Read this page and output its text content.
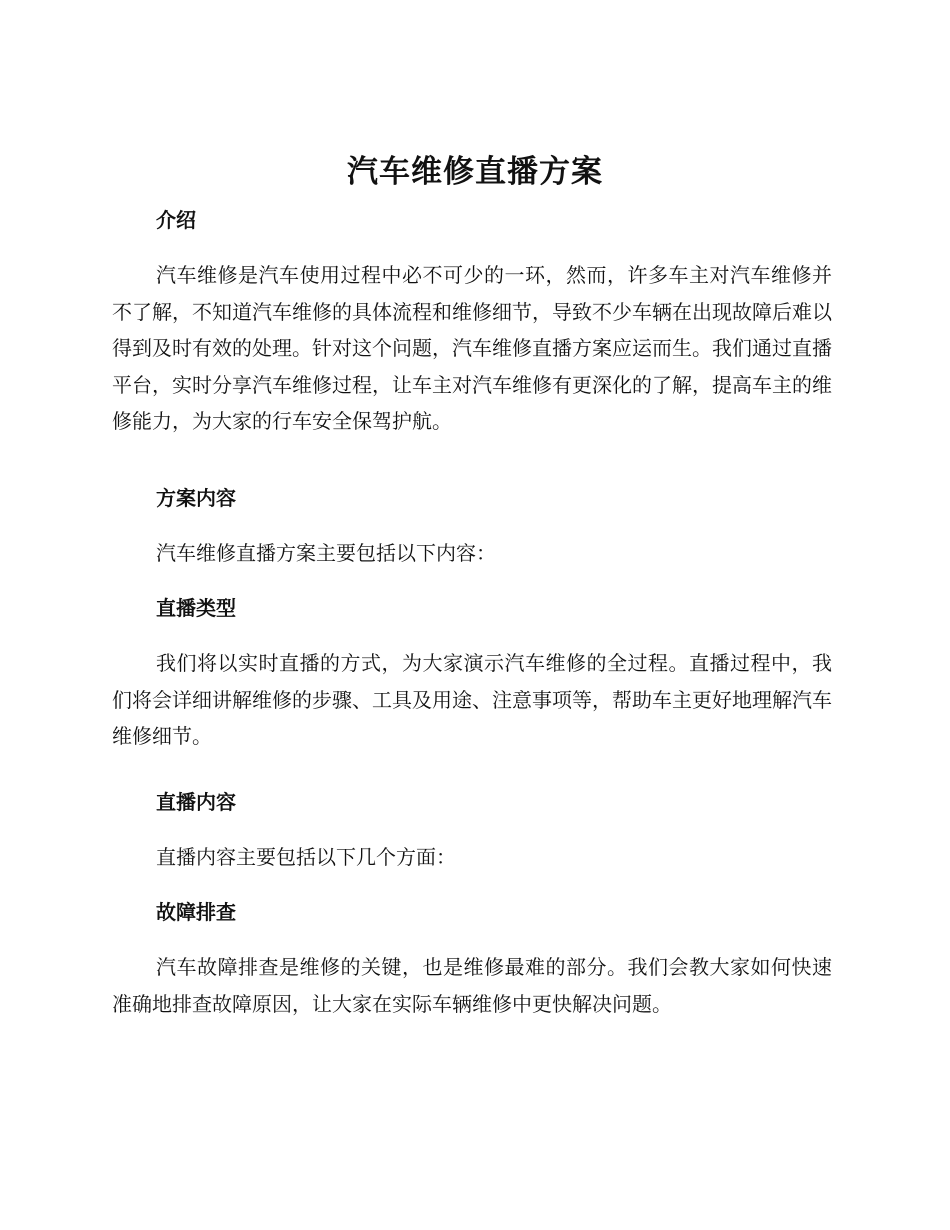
汽车维修直播方案
介绍

汽车维修是汽车使用过程中必不可少的一环，然而，许多车主对汽车维修并不了解，不知道汽车维修的具体流程和维修细节，导致不少车辆在出现故障后难以得到及时有效的处理。针对这个问题，汽车维修直播方案应运而生。我们通过直播平台，实时分享汽车维修过程，让车主对汽车维修有更深化的了解，提高车主的维修能力，为大家的行车安全保驾护航。

方案内容

汽车维修直播方案主要包括以下内容：

直播类型

我们将以实时直播的方式，为大家演示汽车维修的全过程。直播过程中，我们将会详细讲解维修的步骤、工具及用途、注意事项等，帮助车主更好地理解汽车维修细节。

直播内容

直播内容主要包括以下几个方面：

故障排查

汽车故障排查是维修的关键，也是维修最难的部分。我们会教大家如何快速准确地排查故障原因，让大家在实际车辆维修中更快解决问题。
